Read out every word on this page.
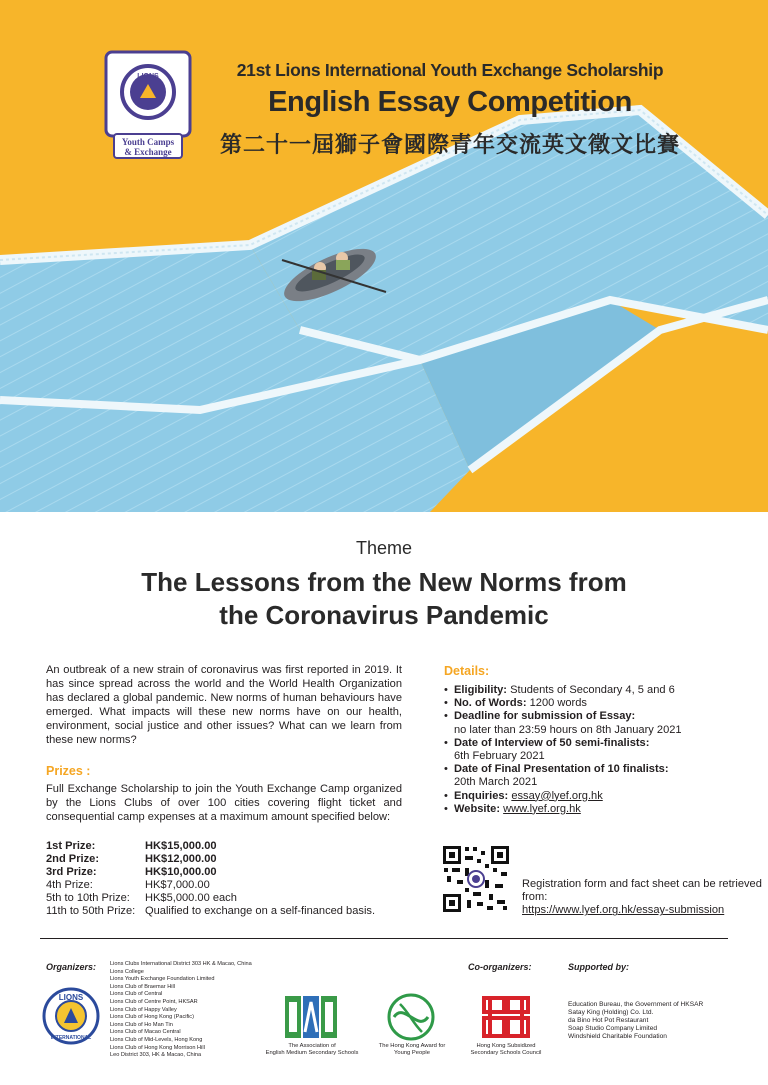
LIONS
Youth Camps
& Exchange
21st Lions International Youth Exchange Scholarship
English Essay Competition
第二十一屆獅子會國際青年交流英文徵文比賽
Theme
The Lessons from the New Norms from
the Coronavirus Pandemic

An outbreak of a new strain of coronavirus was first reported in 2019. It has since spread across the world and the World Health Organization has declared a global pandemic. New norms of human behaviours have emerged. What impacts will these new norms have on our health, environment, social justice and other issues? What can we learn from these new norms?

Prizes :

Full Exchange Scholarship to join the Youth Exchange Camp organized by the Lions Clubs of over 100 cities covering flight ticket and consequential camp expenses at a maximum amount specified below:

1st Prize:	HK$15,000.00
2nd Prize:	HK$12,000.00
3rd Prize:	HK$10,000.00
4th Prize:	HK$7,000.00
5th to 10th Prize:	HK$5,000.00 each
11th to 50th Prize:	Qualified to exchange on a self-financed basis.
Details:
• Eligibility: Students of Secondary 4, 5 and 6
• No. of Words: 1200 words
• Deadline for submission of Essay:
no later than 23:59 hours on 8th January 2021
• Date of Interview of 50 semi-finalists:
6th February 2021
• Date of Final Presentation of 10 finalists:
20th March 2021
• Enquiries: essay@lyef.org.hk
• Website: www.lyef.org.hk
Registration form and fact sheet can be retrieved from:
https://www.lyef.org.hk/essay-submission
Organizers: Lions Clubs International District 303 HK & Macao, China
Lions College
Lions Youth Exchange Foundation Limited
Lions Club of Braemar Hill
Lions Club of Central
Lions Club of Centre Point, HKSAR
Lions Club of Happy Valley
Lions Club of Hong Kong (Pacific)
Lions Club of Ho Man Tin
Lions Club of Macao Central
Lions Club of Mid-Levels, Hong Kong
Lions Club of Hong Kong Morrison Hill
Leo District 303, HK & Macao, China
LIONS
INTERNATIONAL
Co-organizers:
The Association of
English Medium Secondary Schools
The Hong Kong Award for
Young People
Hong Kong Subsidized
Secondary Schools Council
Supported by:
Education Bureau, the Government of HKSAR
Satay King (Holding) Co. Ltd.
da Bino Hot Pot Restaurant
Soap Studio Company Limited
Windshield Charitable Foundation
